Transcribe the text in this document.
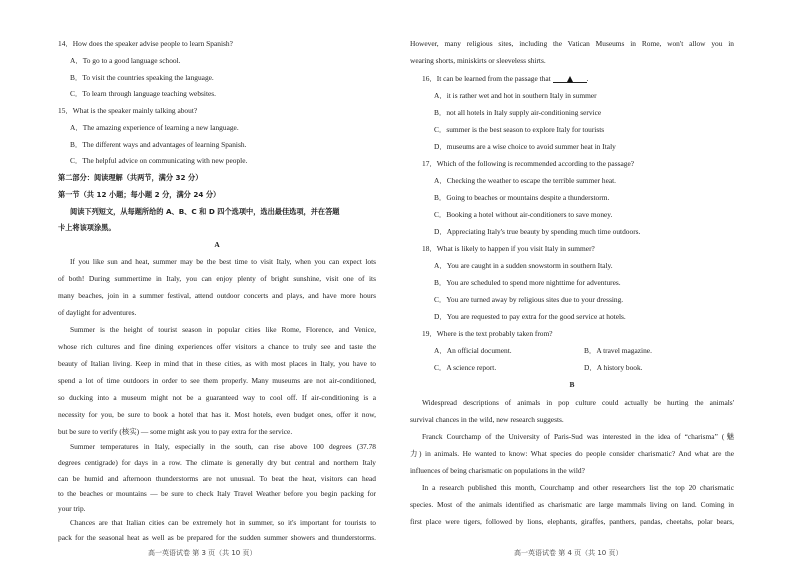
14．How does the speaker advise people to learn Spanish?
A．To go to a good language school.
B．To visit the countries speaking the language.
C．To learn through language teaching websites.
15．What is the speaker mainly talking about?
A．The amazing experience of learning a new language.
B．The different ways and advantages of learning Spanish.
C．The helpful advice on communicating with new people.
第二部分：阅读理解（共两节，满分 32 分）
第一节（共 12 小题；每小题 2 分，满分 24 分）
阅读下列短文，从每题所给的 A、B、C 和 D 四个选项中，选出最佳选项，并在答题
卡上将该项涂黑。
A
If you like sun and heat, summer may be the best time to visit Italy, when you can expect lots
of both! During summertime in Italy, you can enjoy plenty of bright sunshine, visit one of its
many beaches, join in a summer festival, attend outdoor concerts and plays, and have more hours
of daylight for adventures.
Summer is the height of tourist season in popular cities like Rome, Florence, and Venice,
whose rich cultures and fine dining experiences offer visitors a chance to truly see and taste the
beauty of Italian living. Keep in mind that in these cities, as with most places in Italy, you have to
spend a lot of time outdoors in order to see them properly. Many museums are not air-conditioned,
so ducking into a museum might not be a guaranteed way to cool off. If air-conditioning is a
necessity for you, be sure to book a hotel that has it. Most hotels, even budget ones, offer it now,
but be sure to verify (核实) — some might ask you to pay extra for the service.
Summer temperatures in Italy, especially in the south, can rise above 100 degrees (37.78
degrees centigrade) for days in a row. The climate is generally dry but central and northern Italy
can be humid and afternoon thunderstorms are not unusual. To beat the heat, visitors can head
to the beaches or mountains — be sure to check Italy Travel Weather before you begin packing for
your trip.
However, many religious sites, including the Vatican Museums in Rome, won't allow you in
wearing shorts, miniskirts or sleeveless shirts.
16．It can be learned from the passage that	.
A．it is rather wet and hot in southern Italy in summer
B．not all hotels in Italy supply air-conditioning service
C．summer is the best season to explore Italy for tourists
D．museums are a wise choice to avoid summer heat in Italy
17．Which of the following is recommended according to the passage?
A．Checking the weather to escape the terrible summer heat.
B．Going to beaches or mountains despite a thunderstorm.
C．Booking a hotel without air-conditioners to save money.
D．Appreciating Italy's true beauty by spending much time outdoors.
18．What is likely to happen if you visit Italy in summer?
A．You are caught in a sudden snowstorm in southern Italy.
B．You are scheduled to spend more nighttime for adventures.
C．You are turned away by religious sites due to your dressing.
D．You are requested to pay extra for the good service at hotels.
19．Where is the text probably taken from?
A．An official document.	B．A travel magazine.
C．A science report.	D．A history book.
B
Widespread descriptions of animals in pop culture could actually be hurting the animals'
survival chances in the wild, new research suggests.
Franck Courchamp of the University of Paris-Sud was interested in the idea of “charisma” (魅
力) in animals. He wanted to know: What species do people consider charismatic? And what are the
influences of being charismatic on populations in the wild?
In a research published this month, Courchamp and other researchers list the top 20 charismatic
species. Most of the animals identified as charismatic are large mammals living on land. Coming in
first place were tigers, followed by lions, elephants, giraffes, panthers, pandas, cheetahs, polar bears,
Chances are that Italian cities can be extremely hot in summer, so it's important for tourists to
pack for the seasonal heat as well as be prepared for the sudden summer showers and thunderstorms.
高一英语试卷 第 3 页（共 10 页）	高一英语试卷 第 4 页（共 10 页）
